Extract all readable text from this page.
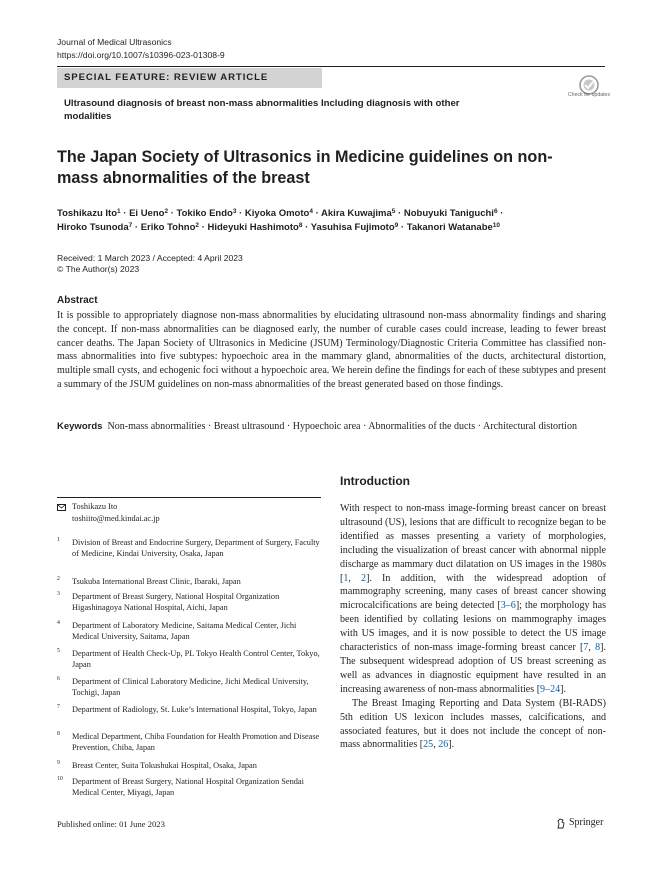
Journal of Medical Ultrasonics
https://doi.org/10.1007/s10396-023-01308-9
SPECIAL FEATURE: REVIEW ARTICLE
Ultrasound diagnosis of breast non-mass abnormalities Including diagnosis with other modalities
Check for updates
The Japan Society of Ultrasonics in Medicine guidelines on non-mass abnormalities of the breast
Toshikazu Ito$^1$ · Ei Ueno$^2$ · Tokiko Endo$^3$ · Kiyoka Omoto$^4$ · Akira Kuwajima$^5$ · Nobuyuki Taniguchi$^6$ ·
Hiroko Tsunoda$^7$ · Eriko Tohno$^2$ · Hideyuki Hashimoto$^8$ · Yasuhisa Fujimoto$^9$ · Takanori Watanabe$^{10}$
Received: 1 March 2023 / Accepted: 4 April 2023
© The Author(s) 2023
Abstract
It is possible to appropriately diagnose non-mass abnormalities by elucidating ultrasound non-mass abnormality findings and sharing the concept. If non-mass abnormalities can be diagnosed early, the number of curable cases could increase, leading to fewer breast cancer deaths. The Japan Society of Ultrasonics in Medicine (JSUM) Terminology/Diagnostic Criteria Committee has classified non-mass abnormalities into five subtypes: hypoechoic area in the mammary gland, abnormalities of the ducts, architectural distortion, multiple small cysts, and echogenic foci without a hypoechoic area. We herein define the findings for each of these subtypes and present a summary of the JSUM guidelines on non-mass abnormalities of the breast generated based on those findings.
Keywords Non-mass abnormalities · Breast ultrasound · Hypoechoic area · Abnormalities of the ducts · Architectural distortion
Toshikazu Ito
toshiito@med.kindai.ac.jp
Introduction

With respect to non-mass image-forming breast cancer on breast ultrasound (US), lesions that are difficult to recognize began to be identified as masses presenting a variety of morphologies, including the visualization of breast cancer with abnormal nipple discharge as mammary duct dilatation on US images in the 1980s [1, 2]. In addition, with the widespread adoption of mammography screening, many cases of breast cancer showing microcalcifications are being detected [3–6]; the morphology has been identified by collating lesions on mammography images with US images, and it is now possible to detect the US image characteristics of non-mass image-forming breast cancer [7, 8]. The subsequent widespread adoption of US breast screening as well as advances in diagnostic equipment have resulted in an increasing awareness of non-mass abnormalities [9–24].

The Breast Imaging Reporting and Data System (BI-RADS) 5th edition US lexicon includes masses, calcifications, and associated features, but it does not include the concept of non-mass abnormalities [25, 26].

Published online: 01 June 2023	Springer
1 Division of Breast and Endocrine Surgery, Department of Surgery, Faculty of Medicine, Kindai University, Osaka, Japan
2 Tsukuba International Breast Clinic, Ibaraki, Japan
3 Department of Breast Surgery, National Hospital Organization Higashinagoya National Hospital, Aichi, Japan
4 Department of Laboratory Medicine, Saitama Medical Center, Jichi Medical University, Saitama, Japan
5 Department of Health Check-Up, PL Tokyo Health Control Center, Tokyo, Japan
6 Department of Clinical Laboratory Medicine, Jichi Medical University, Tochigi, Japan
7 Department of Radiology, St. Luke’s International Hospital, Tokyo, Japan
8 Medical Department, Chiba Foundation for Health Promotion and Disease Prevention, Chiba, Japan
9 Breast Center, Suita Tokushukai Hospital, Osaka, Japan
10 Department of Breast Surgery, National Hospital Organization Sendai Medical Center, Miyagi, Japan
